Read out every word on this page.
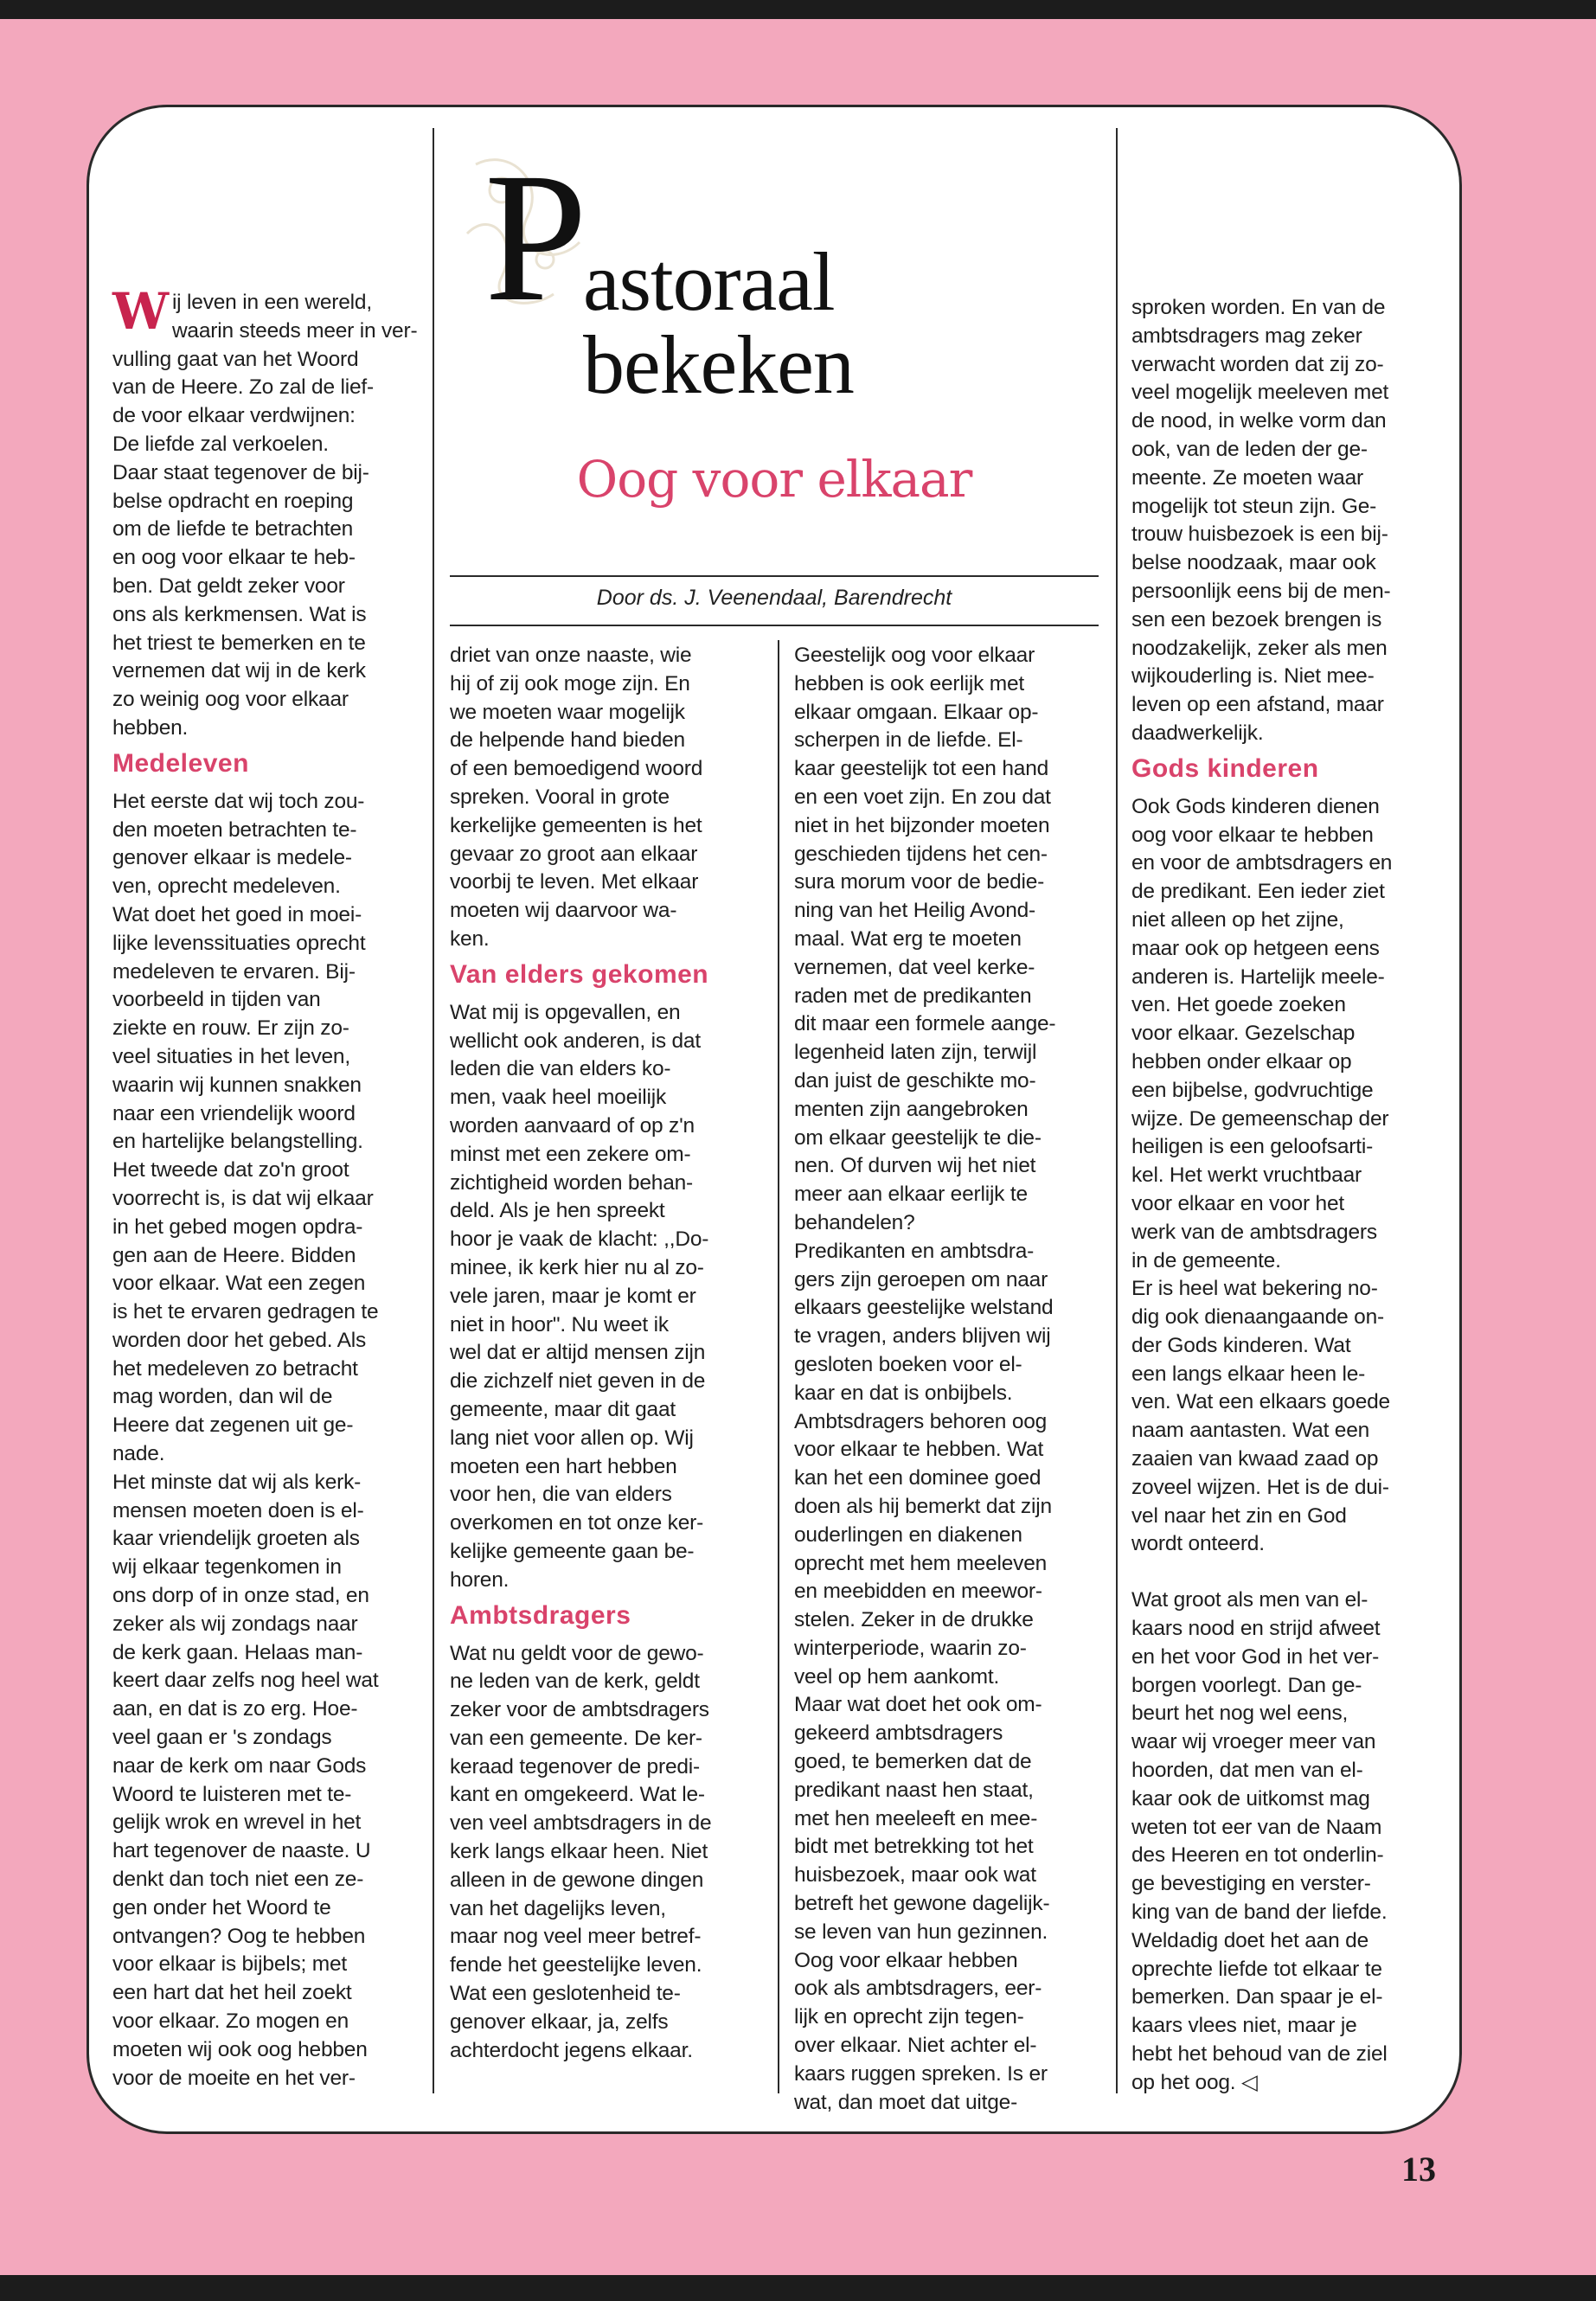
P
astoraal bekeken
Oog voor elkaar
Door ds. J. Veenendaal, Barendrecht

Wij leven in een wereld,
waarin steeds meer in ver-
vulling gaat van het Woord
van de Heere. Zo zal de lief-
de voor elkaar verdwijnen:
De liefde zal verkoelen.
Daar staat tegenover de bij-
belse opdracht en roeping
om de liefde te betrachten
en oog voor elkaar te heb-
ben. Dat geldt zeker voor
ons als kerkmensen. Wat is
het triest te bemerken en te
vernemen dat wij in de kerk
zo weinig oog voor elkaar
hebben.

Medeleven

Het eerste dat wij toch zou-
den moeten betrachten te-
genover elkaar is medele-
ven, oprecht medeleven.
Wat doet het goed in moei-
lijke levenssituaties oprecht
medeleven te ervaren. Bij-
voorbeeld in tijden van
ziekte en rouw. Er zijn zo-
veel situaties in het leven,
waarin wij kunnen snakken
naar een vriendelijk woord
en hartelijke belangstelling.
Het tweede dat zo'n groot
voorrecht is, is dat wij elkaar
in het gebed mogen opdra-
gen aan de Heere. Bidden
voor elkaar. Wat een zegen
is het te ervaren gedragen te
worden door het gebed. Als
het medeleven zo betracht
mag worden, dan wil de
Heere dat zegenen uit ge-
nade.
Het minste dat wij als kerk-
mensen moeten doen is el-
kaar vriendelijk groeten als
wij elkaar tegenkomen in
ons dorp of in onze stad, en
zeker als wij zondags naar
de kerk gaan. Helaas man-
keert daar zelfs nog heel wat
aan, en dat is zo erg. Hoe-
veel gaan er 's zondags
naar de kerk om naar Gods
Woord te luisteren met te-
gelijk wrok en wrevel in het
hart tegenover de naaste. U
denkt dan toch niet een ze-
gen onder het Woord te
ontvangen? Oog te hebben
voor elkaar is bijbels; met
een hart dat het heil zoekt
voor elkaar. Zo mogen en
moeten wij ook oog hebben
voor de moeite en het ver-

driet van onze naaste, wie
hij of zij ook moge zijn. En
we moeten waar mogelijk
de helpende hand bieden
of een bemoedigend woord
spreken. Vooral in grote
kerkelijke gemeenten is het
gevaar zo groot aan elkaar
voorbij te leven. Met elkaar
moeten wij daarvoor wa-
ken.

Van elders gekomen

Wat mij is opgevallen, en
wellicht ook anderen, is dat
leden die van elders ko-
men, vaak heel moeilijk
worden aanvaard of op z'n
minst met een zekere om-
zichtigheid worden behan-
deld. Als je hen spreekt
hoor je vaak de klacht: ,,Do-
minee, ik kerk hier nu al zo-
vele jaren, maar je komt er
niet in hoor". Nu weet ik
wel dat er altijd mensen zijn
die zichzelf niet geven in de
gemeente, maar dit gaat
lang niet voor allen op. Wij
moeten een hart hebben
voor hen, die van elders
overkomen en tot onze ker-
kelijke gemeente gaan be-
horen.

Ambtsdragers

Wat nu geldt voor de gewo-
ne leden van de kerk, geldt
zeker voor de ambtsdragers
van een gemeente. De ker-
keraad tegenover de predi-
kant en omgekeerd. Wat le-
ven veel ambtsdragers in de
kerk langs elkaar heen. Niet
alleen in de gewone dingen
van het dagelijks leven,
maar nog veel meer betref-
fende het geestelijke leven.
Wat een geslotenheid te-
genover elkaar, ja, zelfs
achterdocht jegens elkaar.

Geestelijk oog voor elkaar
hebben is ook eerlijk met
elkaar omgaan. Elkaar op-
scherpen in de liefde. El-
kaar geestelijk tot een hand
en een voet zijn. En zou dat
niet in het bijzonder moeten
geschieden tijdens het cen-
sura morum voor de bedie-
ning van het Heilig Avond-
maal. Wat erg te moeten
vernemen, dat veel kerke-
raden met de predikanten
dit maar een formele aange-
legenheid laten zijn, terwijl
dan juist de geschikte mo-
menten zijn aangebroken
om elkaar geestelijk te die-
nen. Of durven wij het niet
meer aan elkaar eerlijk te
behandelen?
Predikanten en ambtsdra-
gers zijn geroepen om naar
elkaars geestelijke welstand
te vragen, anders blijven wij
gesloten boeken voor el-
kaar en dat is onbijbels.
Ambtsdragers behoren oog
voor elkaar te hebben. Wat
kan het een dominee goed
doen als hij bemerkt dat zijn
ouderlingen en diakenen
oprecht met hem meeleven
en meebidden en meewor-
stelen. Zeker in de drukke
winterperiode, waarin zo-
veel op hem aankomt.
Maar wat doet het ook om-
gekeerd ambtsdragers
goed, te bemerken dat de
predikant naast hen staat,
met hen meeleeft en mee-
bidt met betrekking tot het
huisbezoek, maar ook wat
betreft het gewone dagelijk-
se leven van hun gezinnen.
Oog voor elkaar hebben
ook als ambtsdragers, eer-
lijk en oprecht zijn tegen-
over elkaar. Niet achter el-
kaars ruggen spreken. Is er
wat, dan moet dat uitge-

sproken worden. En van de
ambtsdragers mag zeker
verwacht worden dat zij zo-
veel mogelijk meeleven met
de nood, in welke vorm dan
ook, van de leden der ge-
meente. Ze moeten waar
mogelijk tot steun zijn. Ge-
trouw huisbezoek is een bij-
belse noodzaak, maar ook
persoonlijk eens bij de men-
sen een bezoek brengen is
noodzakelijk, zeker als men
wijkouderling is. Niet mee-
leven op een afstand, maar
daadwerkelijk.

Gods kinderen

Ook Gods kinderen dienen
oog voor elkaar te hebben
en voor de ambtsdragers en
de predikant. Een ieder ziet
niet alleen op het zijne,
maar ook op hetgeen eens
anderen is. Hartelijk meele-
ven. Het goede zoeken
voor elkaar. Gezelschap
hebben onder elkaar op
een bijbelse, godvruchtige
wijze. De gemeenschap der
heiligen is een geloofsarti-
kel. Het werkt vruchtbaar
voor elkaar en voor het
werk van de ambtsdragers
in de gemeente.
Er is heel wat bekering no-
dig ook dienaangaande on-
der Gods kinderen. Wat
een langs elkaar heen le-
ven. Wat een elkaars goede
naam aantasten. Wat een
zaaien van kwaad zaad op
zoveel wijzen. Het is de dui-
vel naar het zin en God
wordt onteerd.

Wat groot als men van el-
kaars nood en strijd afweet
en het voor God in het ver-
borgen voorlegt. Dan ge-
beurt het nog wel eens,
waar wij vroeger meer van
hoorden, dat men van el-
kaar ook de uitkomst mag
weten tot eer van de Naam
des Heeren en tot onderlin-
ge bevestiging en verster-
king van de band der liefde.
Weldadig doet het aan de
oprechte liefde tot elkaar te
bemerken. Dan spaar je el-
kaars vlees niet, maar je
hebt het behoud van de ziel
op het oog. ◁

13
